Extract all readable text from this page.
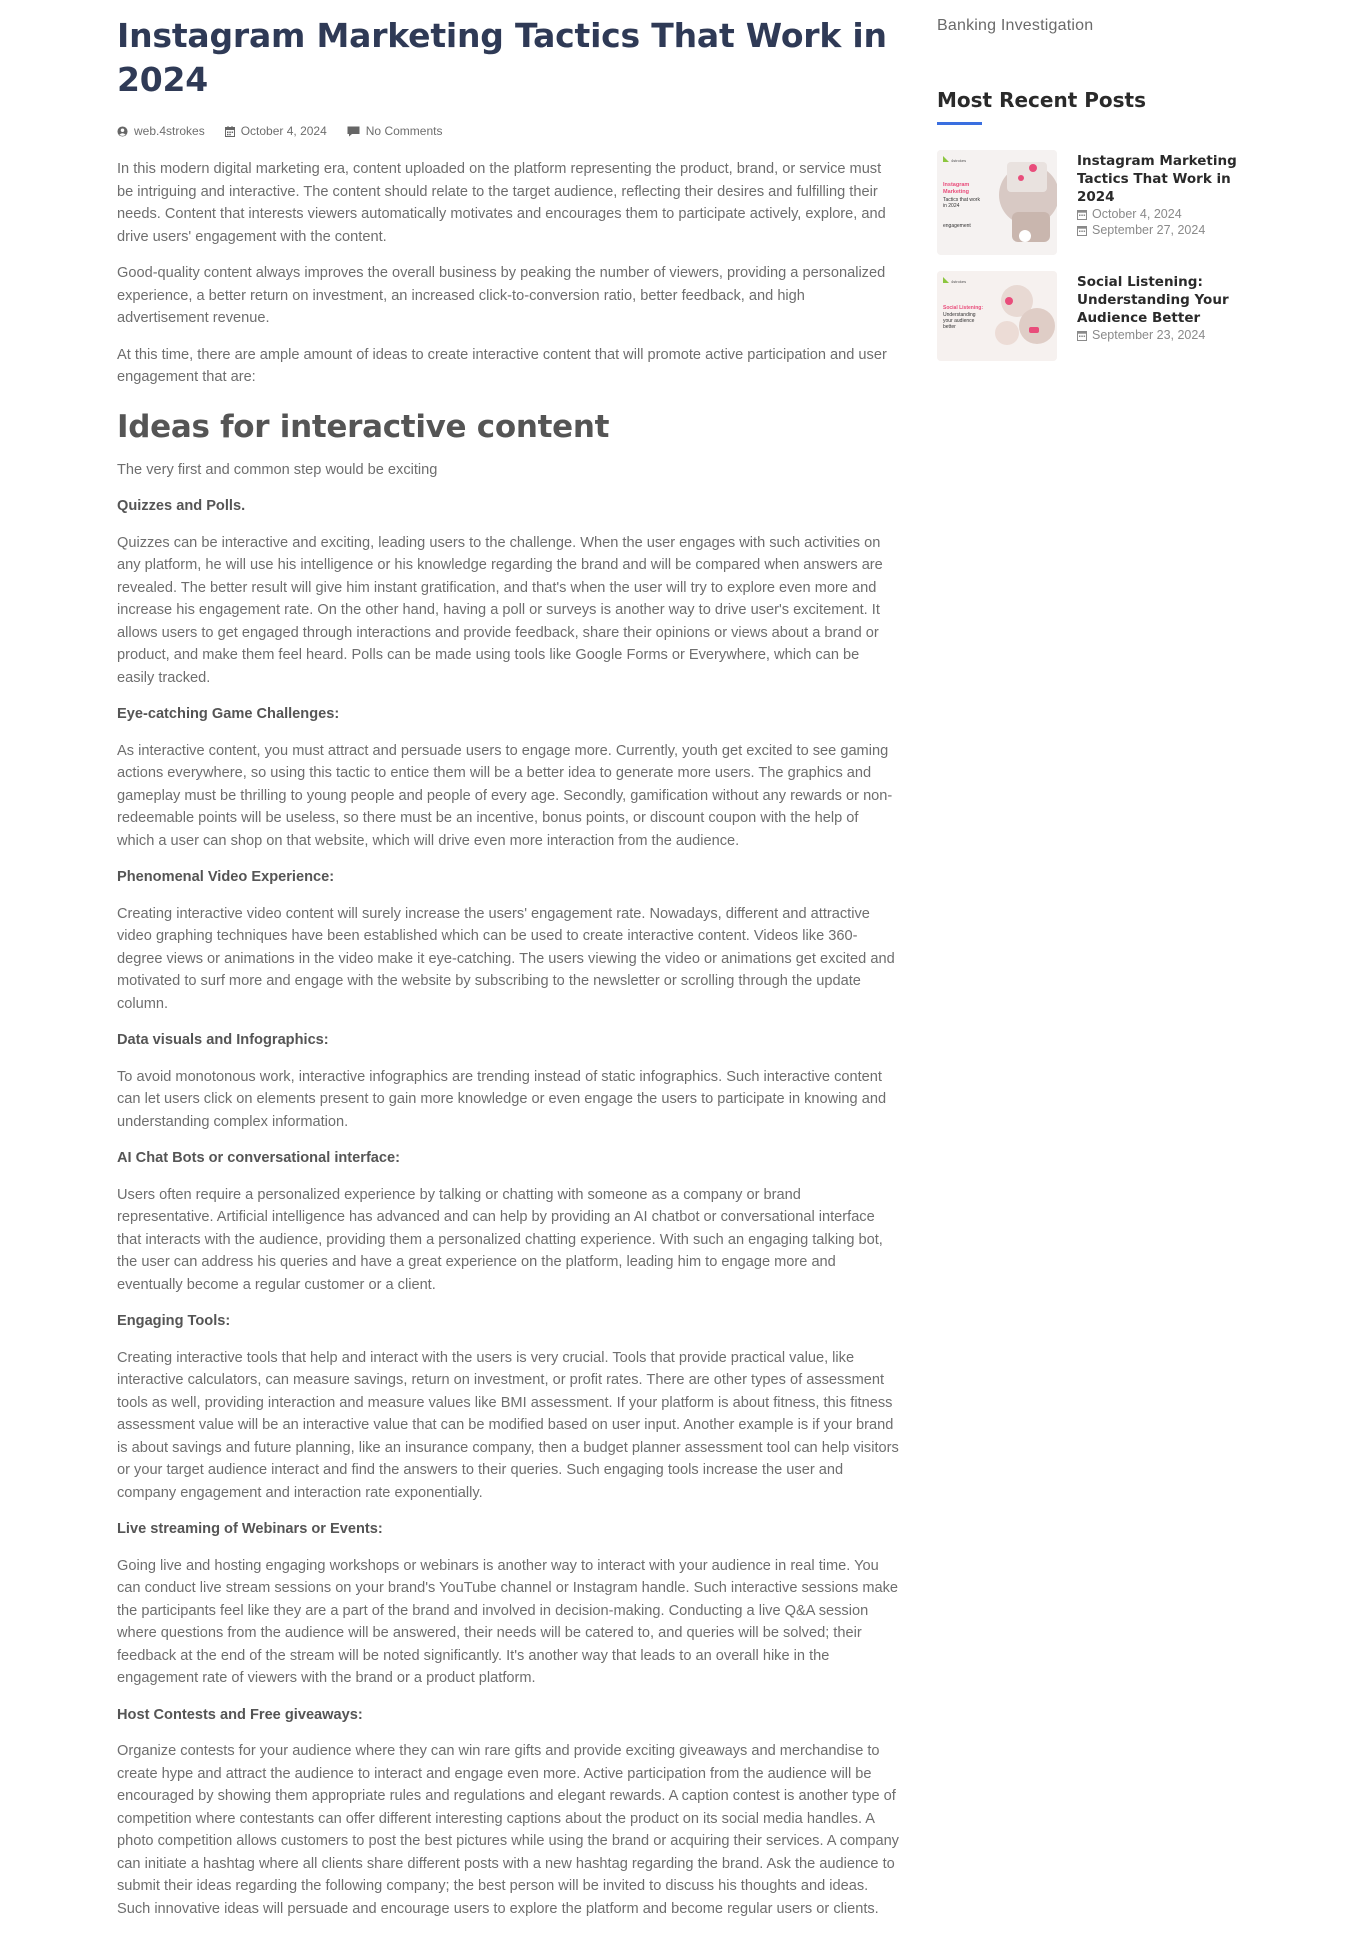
Instagram Marketing Tactics That Work in 2024
web.4strokes	October 4, 2024	No Comments

In this modern digital marketing era, content uploaded on the platform representing the product, brand, or service must be intriguing and interactive. The content should relate to the target audience, reflecting their desires and fulfilling their needs. Content that interests viewers automatically motivates and encourages them to participate actively, explore, and drive users' engagement with the content.

Good-quality content always improves the overall business by peaking the number of viewers, providing a personalized experience, a better return on investment, an increased click-to-conversion ratio, better feedback, and high advertisement revenue.

At this time, there are ample amount of ideas to create interactive content that will promote active participation and user engagement that are:

Ideas for interactive content

The very first and common step would be exciting

Quizzes and Polls.

Quizzes can be interactive and exciting, leading users to the challenge. When the user engages with such activities on any platform, he will use his intelligence or his knowledge regarding the brand and will be compared when answers are revealed. The better result will give him instant gratification, and that's when the user will try to explore even more and increase his engagement rate. On the other hand, having a poll or surveys is another way to drive user's excitement. It allows users to get engaged through interactions and provide feedback, share their opinions or views about a brand or product, and make them feel heard. Polls can be made using tools like Google Forms or Everywhere, which can be easily tracked.

Eye-catching Game Challenges:

As interactive content, you must attract and persuade users to engage more. Currently, youth get excited to see gaming actions everywhere, so using this tactic to entice them will be a better idea to generate more users. The graphics and gameplay must be thrilling to young people and people of every age. Secondly, gamification without any rewards or non-redeemable points will be useless, so there must be an incentive, bonus points, or discount coupon with the help of which a user can shop on that website, which will drive even more interaction from the audience.

Phenomenal Video Experience:

Creating interactive video content will surely increase the users' engagement rate. Nowadays, different and attractive video graphing techniques have been established which can be used to create interactive content. Videos like 360-degree views or animations in the video make it eye-catching. The users viewing the video or animations get excited and motivated to surf more and engage with the website by subscribing to the newsletter or scrolling through the update column.

Data visuals and Infographics:

To avoid monotonous work, interactive infographics are trending instead of static infographics. Such interactive content can let users click on elements present to gain more knowledge or even engage the users to participate in knowing and understanding complex information.

AI Chat Bots or conversational interface:

Users often require a personalized experience by talking or chatting with someone as a company or brand representative. Artificial intelligence has advanced and can help by providing an AI chatbot or conversational interface that interacts with the audience, providing them a personalized chatting experience. With such an engaging talking bot, the user can address his queries and have a great experience on the platform, leading him to engage more and eventually become a regular customer or a client.

Engaging Tools:

Creating interactive tools that help and interact with the users is very crucial. Tools that provide practical value, like interactive calculators, can measure savings, return on investment, or profit rates. There are other types of assessment tools as well, providing interaction and measure values like BMI assessment. If your platform is about fitness, this fitness assessment value will be an interactive value that can be modified based on user input. Another example is if your brand is about savings and future planning, like an insurance company, then a budget planner assessment tool can help visitors or your target audience interact and find the answers to their queries. Such engaging tools increase the user and company engagement and interaction rate exponentially.

Live streaming of Webinars or Events:

Going live and hosting engaging workshops or webinars is another way to interact with your audience in real time. You can conduct live stream sessions on your brand's YouTube channel or Instagram handle. Such interactive sessions make the participants feel like they are a part of the brand and involved in decision-making. Conducting a live Q&A session where questions from the audience will be answered, their needs will be catered to, and queries will be solved; their feedback at the end of the stream will be noted significantly. It's another way that leads to an overall hike in the engagement rate of viewers with the brand or a product platform.

Host Contests and Free giveaways:

Organize contests for your audience where they can win rare gifts and provide exciting giveaways and merchandise to create hype and attract the audience to interact and engage even more. Active participation from the audience will be encouraged by showing them appropriate rules and regulations and elegant rewards. A caption contest is another type of competition where contestants can offer different interesting captions about the product on its social media handles. A photo competition allows customers to post the best pictures while using the brand or acquiring their services. A company can initiate a hashtag where all clients share different posts with a new hashtag regarding the brand. Ask the audience to submit their ideas regarding the following company; the best person will be invited to discuss his thoughts and ideas. Such innovative ideas will persuade and encourage users to explore the platform and become regular users or clients.

Banking Investigation
Most Recent Posts
4strokes
Instagram
Marketing
Tactics that work
in 2024
engagement
Instagram Marketing Tactics That Work in 2024
October 4, 2024
September 27, 2024
4strokes
Social Listening:
Understanding
your audience
better
Social Listening: Understanding Your Audience Better
September 23, 2024
